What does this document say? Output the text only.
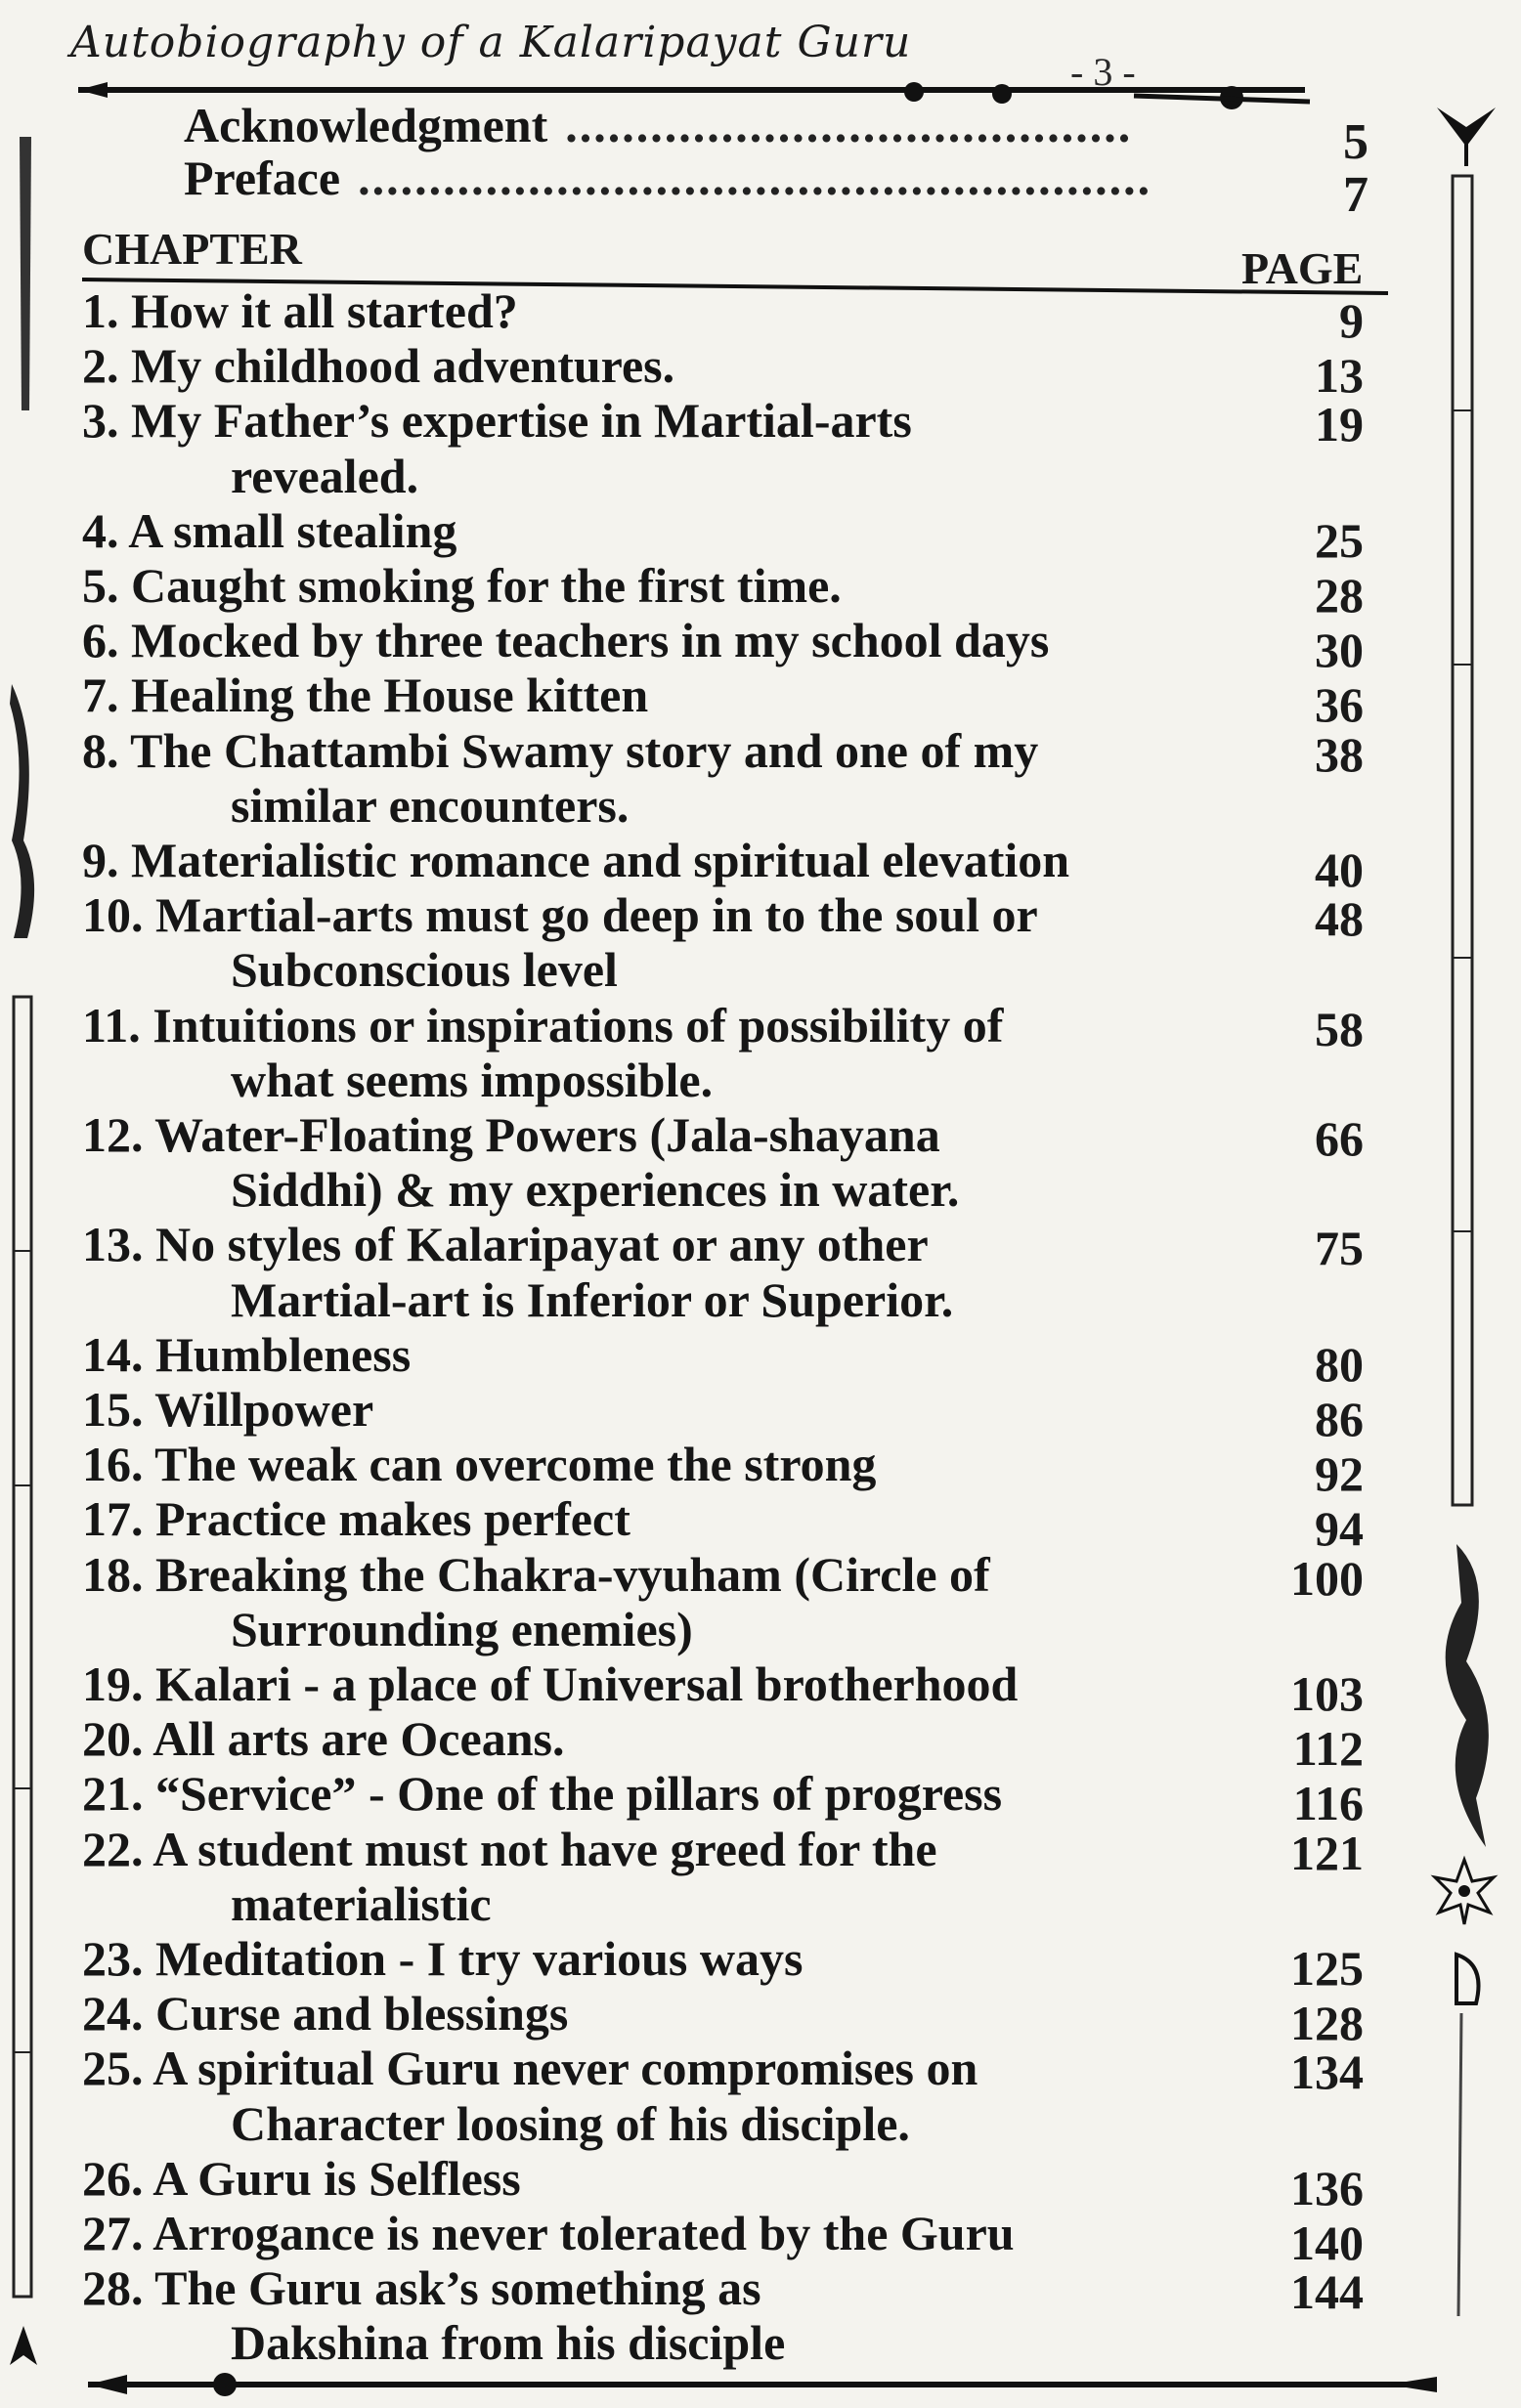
Autobiography of a Kalaripayat Guru
- 3 -
Acknowledgment ........................................	5
Preface ........................................................	7
CHAPTER	PAGE
1. How it all started?	9
2. My childhood adventures.	13
3. My Father’s expertise in Martial-arts	19
revealed.
4. A small stealing	25
5. Caught smoking for the first time.	28
6. Mocked by three teachers in my school days	30
7. Healing the House kitten	36
8. The Chattambi Swamy story and one of my	38
similar encounters.
9. Materialistic romance and spiritual elevation	40
10. Martial-arts must go deep in to the soul or	48
Subconscious level
11. Intuitions or inspirations of possibility of	58
what seems impossible.
12. Water-Floating Powers (Jala-shayana	66
Siddhi) & my experiences in water.
13. No styles of Kalaripayat or any other	75
Martial-art is Inferior or Superior.
14. Humbleness	80
15. Willpower	86
16. The weak can overcome the strong	92
17. Practice makes perfect	94
18. Breaking the Chakra-vyuham (Circle of	100
Surrounding enemies)
19. Kalari - a place of Universal brotherhood	103
20. All arts are Oceans.	112
21. “Service” - One of the pillars of progress	116
22. A student must not have greed for the	121
materialistic
23. Meditation - I try various ways	125
24. Curse and blessings	128
25. A spiritual Guru never compromises on	134
Character loosing of his disciple.
26. A Guru is Selfless	136
27. Arrogance is never tolerated by the Guru	140
28. The Guru ask’s something as	144
Dakshina from his disciple
